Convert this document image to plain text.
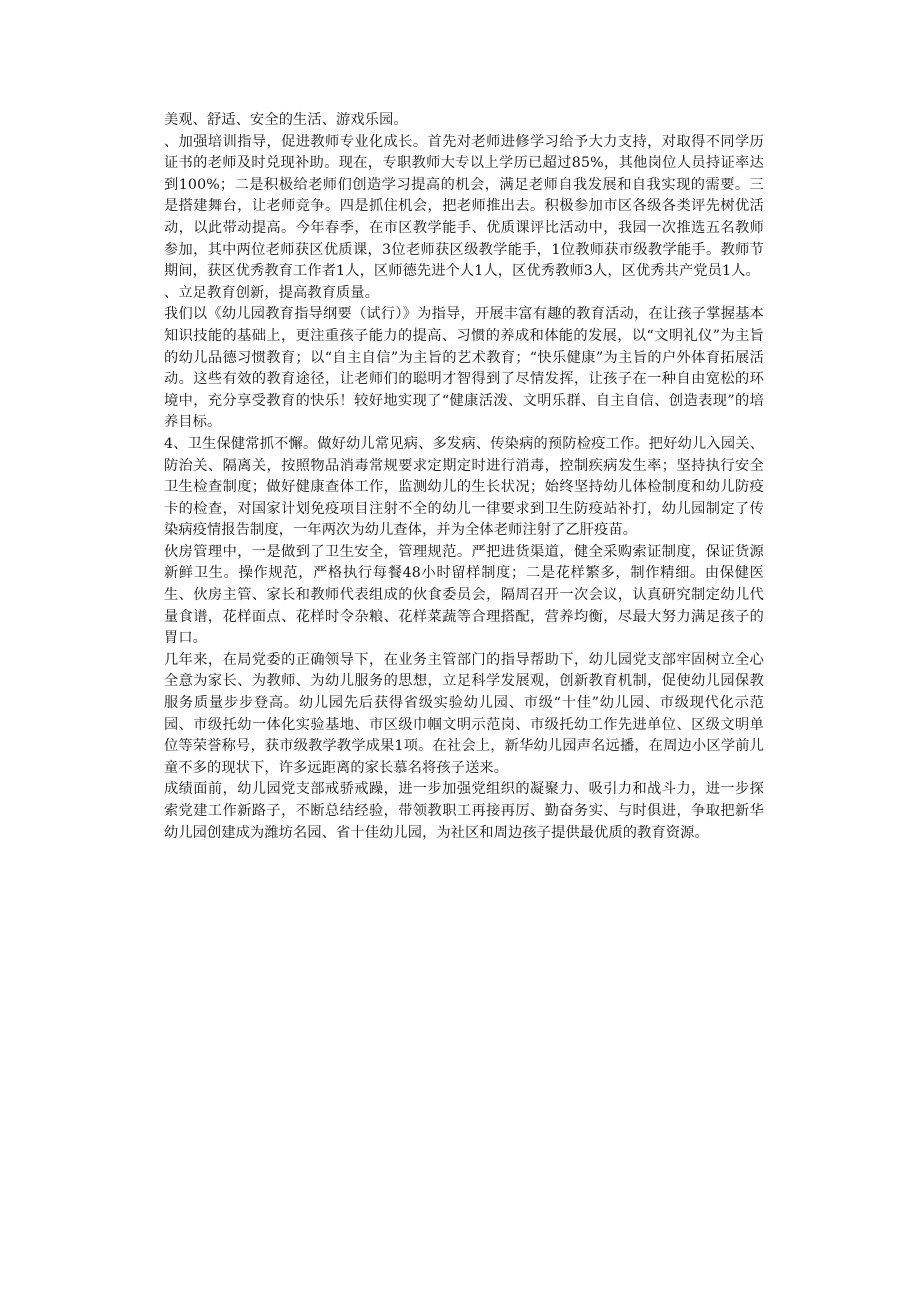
美观、舒适、安全的生活、游戏乐园。

、加强培训指导，促进教师专业化成长。首先对老师进修学习给予大力支持，对取得不同学历证书的老师及时兑现补助。现在，专职教师大专以上学历已超过85%，其他岗位人员持证率达到100%；二是积极给老师们创造学习提高的机会，满足老师自我发展和自我实现的需要。三是搭建舞台，让老师竞争。四是抓住机会，把老师推出去。积极参加市区各级各类评先树优活动，以此带动提高。今年春季，在市区教学能手、优质课评比活动中，我园一次推选五名教师参加，其中两位老师获区优质课，3位老师获区级教学能手，1位教师获市级教学能手。教师节期间，获区优秀教育工作者1人，区师德先进个人1人，区优秀教师3人，区优秀共产党员1人。

、立足教育创新，提高教育质量。

我们以《幼儿园教育指导纲要（试行）》为指导，开展丰富有趣的教育活动，在让孩子掌握基本知识技能的基础上，更注重孩子能力的提高、习惯的养成和体能的发展，以“文明礼仪”为主旨的幼儿品德习惯教育；以“自主自信”为主旨的艺术教育；“快乐健康”为主旨的户外体育拓展活动。这些有效的教育途径，让老师们的聪明才智得到了尽情发挥，让孩子在一种自由宽松的环境中，充分享受教育的快乐！较好地实现了“健康活泼、文明乐群、自主自信、创造表现”的培养目标。

4、卫生保健常抓不懈。做好幼儿常见病、多发病、传染病的预防检疫工作。把好幼儿入园关、防治关、隔离关，按照物品消毒常规要求定期定时进行消毒，控制疾病发生率；坚持执行安全卫生检查制度；做好健康查体工作，监测幼儿的生长状况；始终坚持幼儿体检制度和幼儿防疫卡的检查，对国家计划免疫项目注射不全的幼儿一律要求到卫生防疫站补打，幼儿园制定了传染病疫情报告制度，一年两次为幼儿查体，并为全体老师注射了乙肝疫苗。

伙房管理中，一是做到了卫生安全，管理规范。严把进货渠道，健全采购索证制度，保证货源新鲜卫生。操作规范，严格执行每餐48小时留样制度；二是花样繁多，制作精细。由保健医生、伙房主管、家长和教师代表组成的伙食委员会，隔周召开一次会议，认真研究制定幼儿代量食谱，花样面点、花样时令杂粮、花样菜蔬等合理搭配，营养均衡，尽最大努力满足孩子的胃口。

几年来，在局党委的正确领导下，在业务主管部门的指导帮助下，幼儿园党支部牢固树立全心全意为家长、为教师、为幼儿服务的思想，立足科学发展观，创新教育机制，促使幼儿园保教服务质量步步登高。幼儿园先后获得省级实验幼儿园、市级“十佳”幼儿园、市级现代化示范园、市级托幼一体化实验基地、市区级巾帼文明示范岗、市级托幼工作先进单位、区级文明单位等荣誉称号，获市级教学教学成果1项。在社会上，新华幼儿园声名远播，在周边小区学前儿童不多的现状下，许多远距离的家长慕名将孩子送来。

成绩面前，幼儿园党支部戒骄戒躁，进一步加强党组织的凝聚力、吸引力和战斗力，进一步探索党建工作新路子，不断总结经验，带领教职工再接再厉、勤奋务实、与时俱进，争取把新华幼儿园创建成为潍坊名园、省十佳幼儿园，为社区和周边孩子提供最优质的教育资源。
